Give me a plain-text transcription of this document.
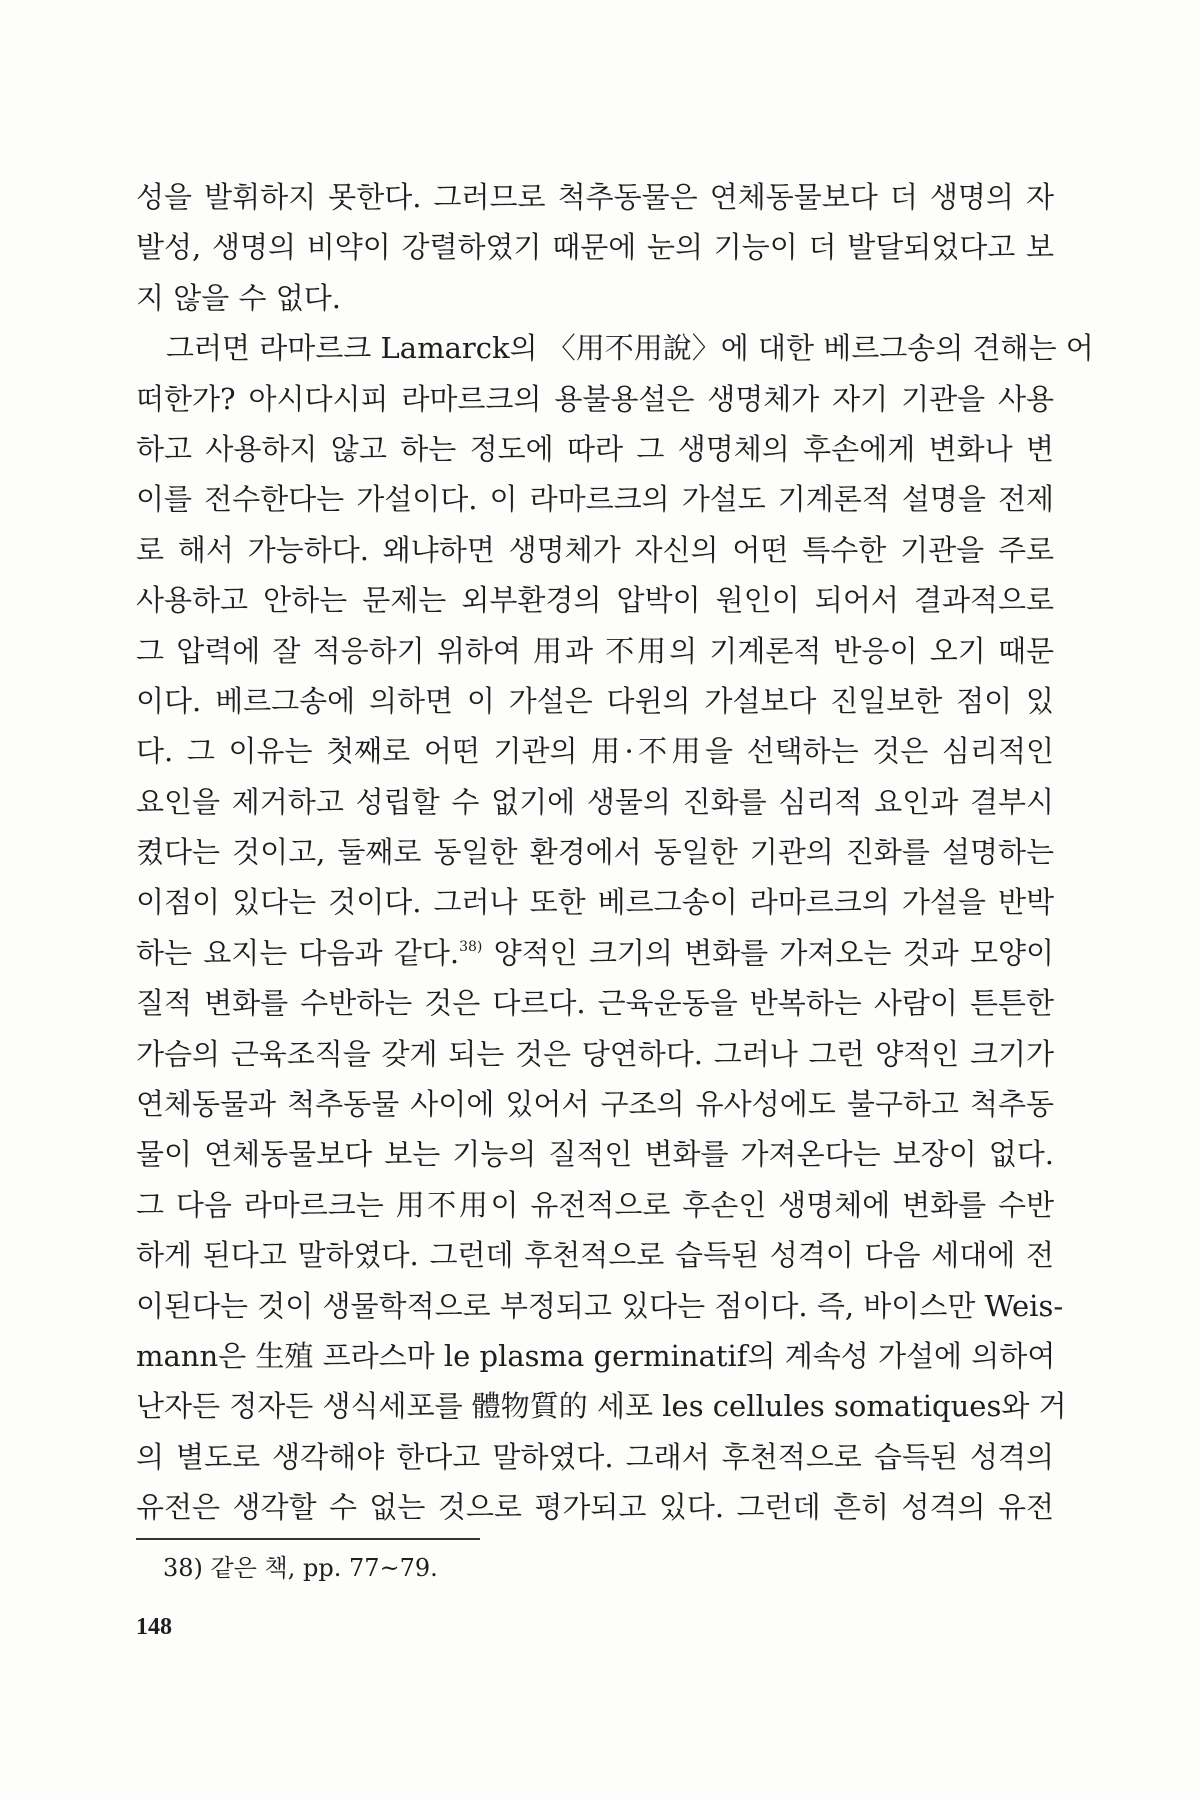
성을 발휘하지 못한다. 그러므로 척추동물은 연체동물보다 더 생명의 자
발성, 생명의 비약이 강렬하였기 때문에 눈의 기능이 더 발달되었다고 보
지 않을 수 없다.
그러면 라마르크 Lamarck의 〈用不用說〉에 대한 베르그송의 견해는 어
떠한가? 아시다시피 라마르크의 용불용설은 생명체가 자기 기관을 사용
하고 사용하지 않고 하는 정도에 따라 그 생명체의 후손에게 변화나 변
이를 전수한다는 가설이다. 이 라마르크의 가설도 기계론적 설명을 전제
로 해서 가능하다. 왜냐하면 생명체가 자신의 어떤 특수한 기관을 주로
사용하고 안하는 문제는 외부환경의 압박이 원인이 되어서 결과적으로
그 압력에 잘 적응하기 위하여 用과 不用의 기계론적 반응이 오기 때문
이다. 베르그송에 의하면 이 가설은 다윈의 가설보다 진일보한 점이 있
다. 그 이유는 첫째로 어떤 기관의 用·不用을 선택하는 것은 심리적인
요인을 제거하고 성립할 수 없기에 생물의 진화를 심리적 요인과 결부시
켰다는 것이고, 둘째로 동일한 환경에서 동일한 기관의 진화를 설명하는
이점이 있다는 것이다. 그러나 또한 베르그송이 라마르크의 가설을 반박
하는 요지는 다음과 같다.$^{38)}$ 양적인 크기의 변화를 가져오는 것과 모양이
질적 변화를 수반하는 것은 다르다. 근육운동을 반복하는 사람이 튼튼한
가슴의 근육조직을 갖게 되는 것은 당연하다. 그러나 그런 양적인 크기가
연체동물과 척추동물 사이에 있어서 구조의 유사성에도 불구하고 척추동
물이 연체동물보다 보는 기능의 질적인 변화를 가져온다는 보장이 없다.
그 다음 라마르크는 用不用이 유전적으로 후손인 생명체에 변화를 수반
하게 된다고 말하였다. 그런데 후천적으로 습득된 성격이 다음 세대에 전
이된다는 것이 생물학적으로 부정되고 있다는 점이다. 즉, 바이스만 Weis-
mann은 生殖 프라스마 le plasma germinatif의 계속성 가설에 의하여
난자든 정자든 생식세포를 體物質的 세포 les cellules somatiques와 거
의 별도로 생각해야 한다고 말하였다. 그래서 후천적으로 습득된 성격의
유전은 생각할 수 없는 것으로 평가되고 있다. 그런데 흔히 성격의 유전
38) 같은 책, pp. 77~79.
148
